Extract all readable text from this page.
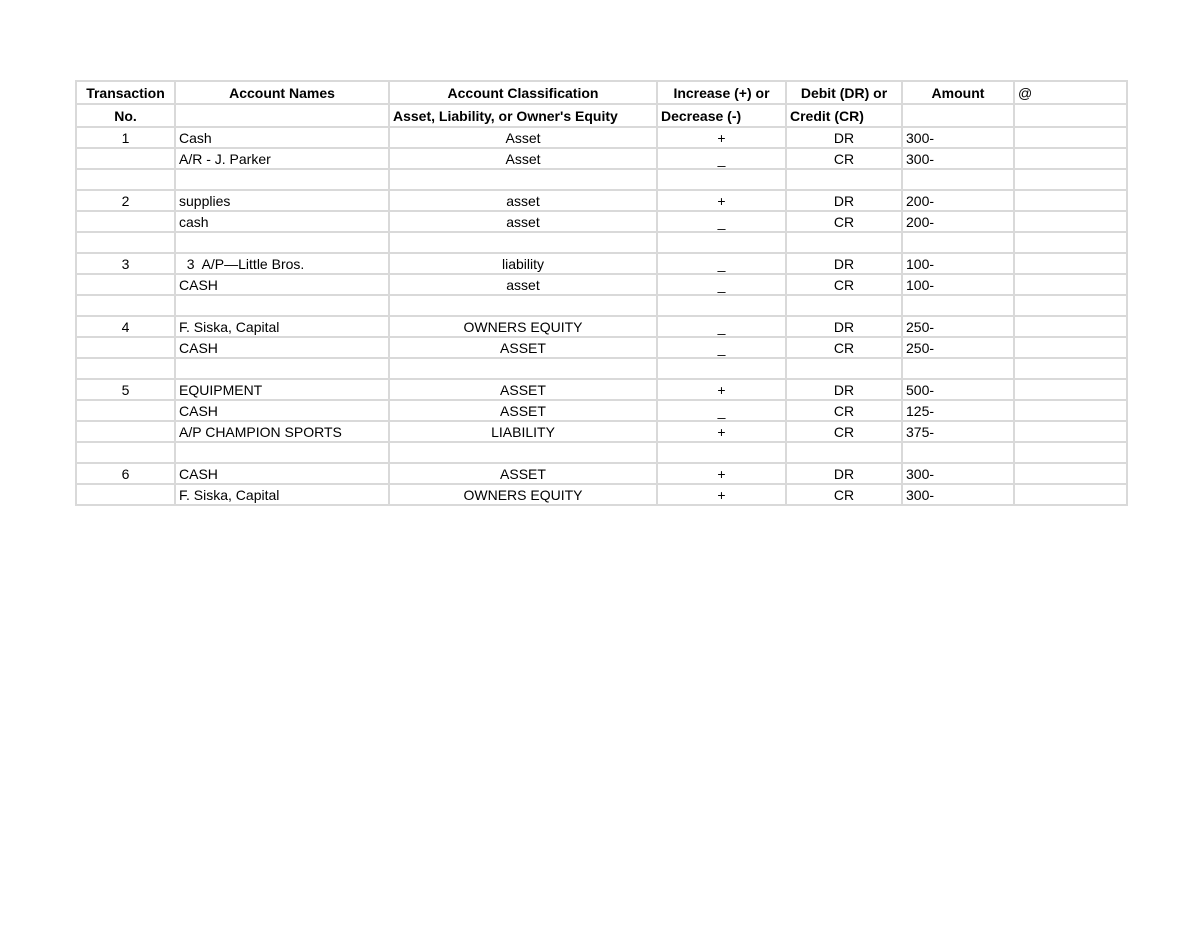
Transaction	Account Names	Account Classification	Increase (+) or	Debit (DR) or	Amount	@
No.		Asset, Liability, or Owner's Equity	Decrease (-)	Credit (CR)		
1	Cash	Asset	+	DR	300-	
	A/R - J. Parker	Asset	_	CR	300-	

2	supplies	asset	+	DR	200-	
	cash	asset	_	CR	200-	

3	3  A/P—Little Bros.	liability	_	DR	100-	
	CASH	asset	_	CR	100-	

4	F. Siska, Capital	OWNERS EQUITY	_	DR	250-	
	CASH	ASSET	_	CR	250-	

5	EQUIPMENT	ASSET	+	DR	500-	
	CASH	ASSET	_	CR	125-	
	A/P CHAMPION SPORTS	LIABILITY	+	CR	375-	

6	CASH	ASSET	+	DR	300-	
	F. Siska, Capital	OWNERS EQUITY	+	CR	300-	
